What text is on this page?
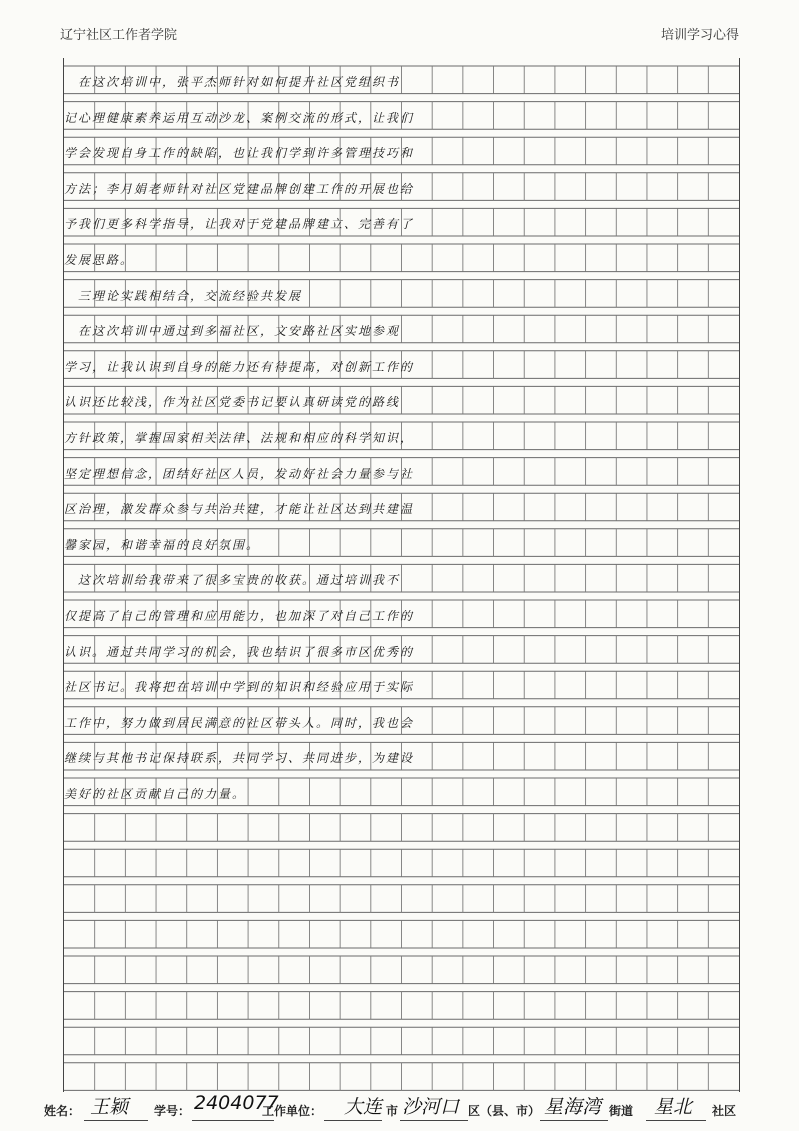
辽宁社区工作者学院	培训学习心得
　在这次培训中，张平杰师针对如何提升社区党组织书
记心理健康素养运用互动沙龙、案例交流的形式，让我们
学会发现自身工作的缺陷，也让我们学到许多管理技巧和
方法；李月娟老师针对社区党建品牌创建工作的开展也给
予我们更多科学指导，让我对于党建品牌建立、完善有了
发展思路。
　三理论实践相结合，交流经验共发展
　在这次培训中通过到多福社区，文安路社区实地参观
学习，让我认识到自身的能力还有待提高，对创新工作的
认识还比较浅，作为社区党委书记要认真研读党的路线
方针政策，掌握国家相关法律、法规和相应的科学知识，
坚定理想信念，团结好社区人员，发动好社会力量参与社
区治理，激发群众参与共治共建，才能让社区达到共建温
馨家园，和谐幸福的良好氛围。
　这次培训给我带来了很多宝贵的收获。通过培训我不
仅提高了自己的管理和应用能力，也加深了对自己工作的
认识。通过共同学习的机会，我也结识了很多市区优秀的
社区书记。我将把在培训中学到的知识和经验应用于实际
工作中，努力做到居民满意的社区带头人。同时，我也会
继续与其他书记保持联系，共同学习、共同进步，为建设
美好的社区贡献自己的力量。
姓名： 王颖 学号： 2404077
工作单位： 大连 市 沙河口 区（县、市） 星海湾 街道 星北 社区
